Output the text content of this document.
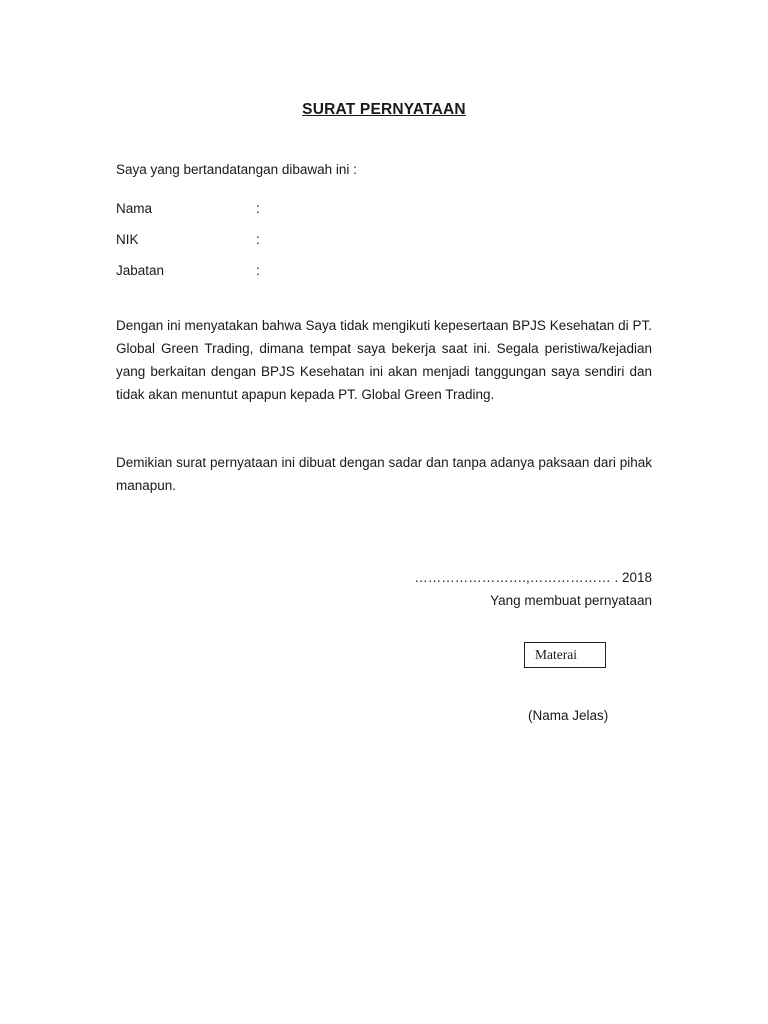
SURAT PERNYATAAN
Saya yang bertandatangan dibawah ini :
Nama	:
NIK	:
Jabatan	:

Dengan ini menyatakan bahwa Saya tidak mengikuti kepesertaan BPJS Kesehatan di PT. Global Green Trading, dimana tempat saya bekerja saat ini. Segala peristiwa/kejadian yang berkaitan dengan BPJS Kesehatan ini akan menjadi tanggungan saya sendiri dan tidak akan menuntut apapun kepada PT. Global Green Trading.

Demikian surat pernyataan ini dibuat dengan sadar dan tanpa adanya paksaan dari pihak manapun.

…………………….,……………… . 2018
Yang membuat pernyataan
Materai
(Nama Jelas)
